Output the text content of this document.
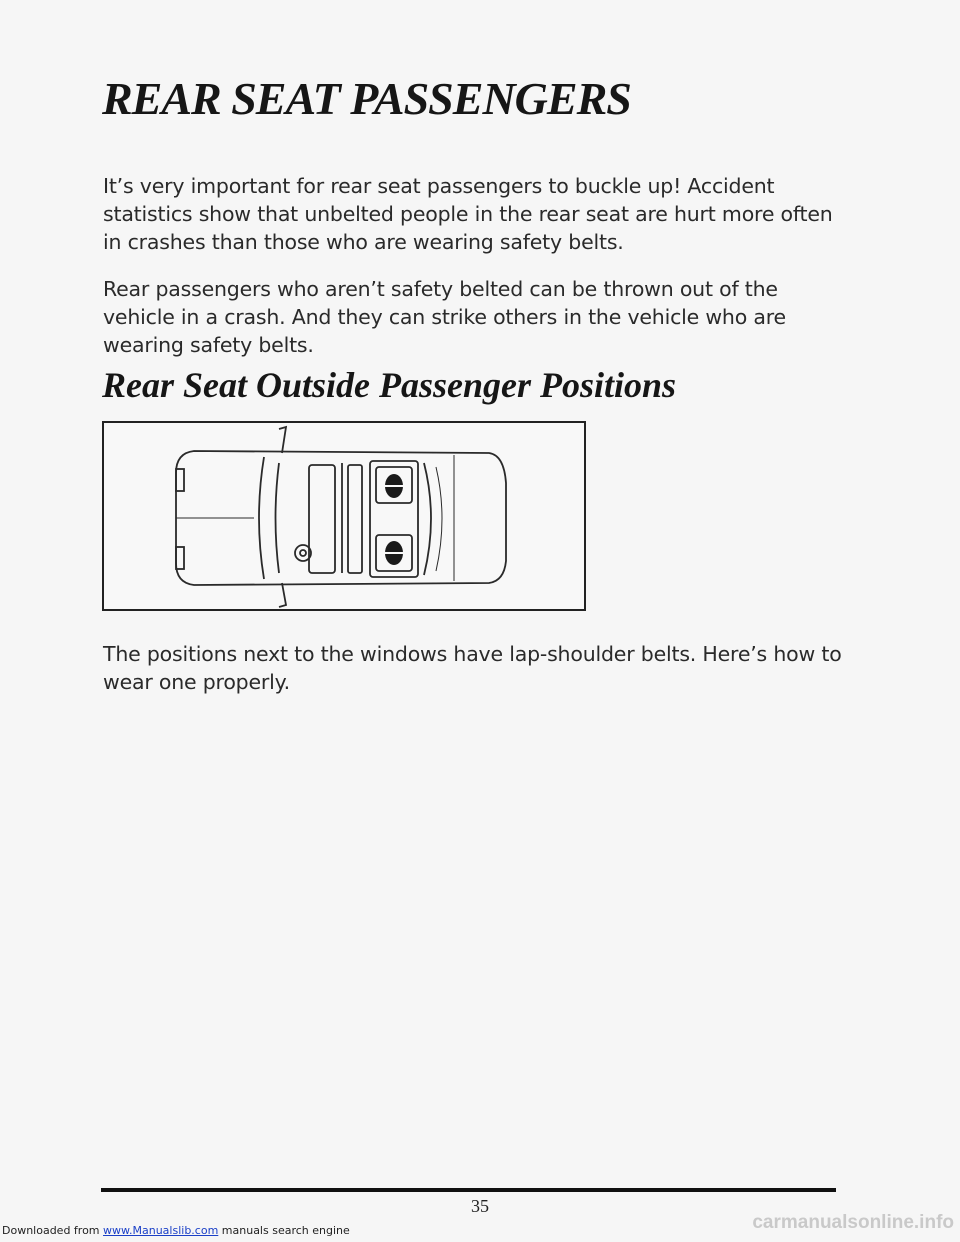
REAR SEAT PASSENGERS
It’s very important for rear seat passengers to buckle up! Accident statistics show that unbelted people in the rear seat are hurt more often in crashes than those who are wearing safety belts.
Rear passengers who aren’t safety belted can be thrown out of the vehicle in a crash. And they can strike others in the vehicle who are wearing safety belts.
Rear Seat Outside Passenger Positions
The positions next to the windows have lap-shoulder belts. Here’s how to wear one properly.
35
Downloaded from www.Manualslib.com manuals search engine	carmanualsonline.info
